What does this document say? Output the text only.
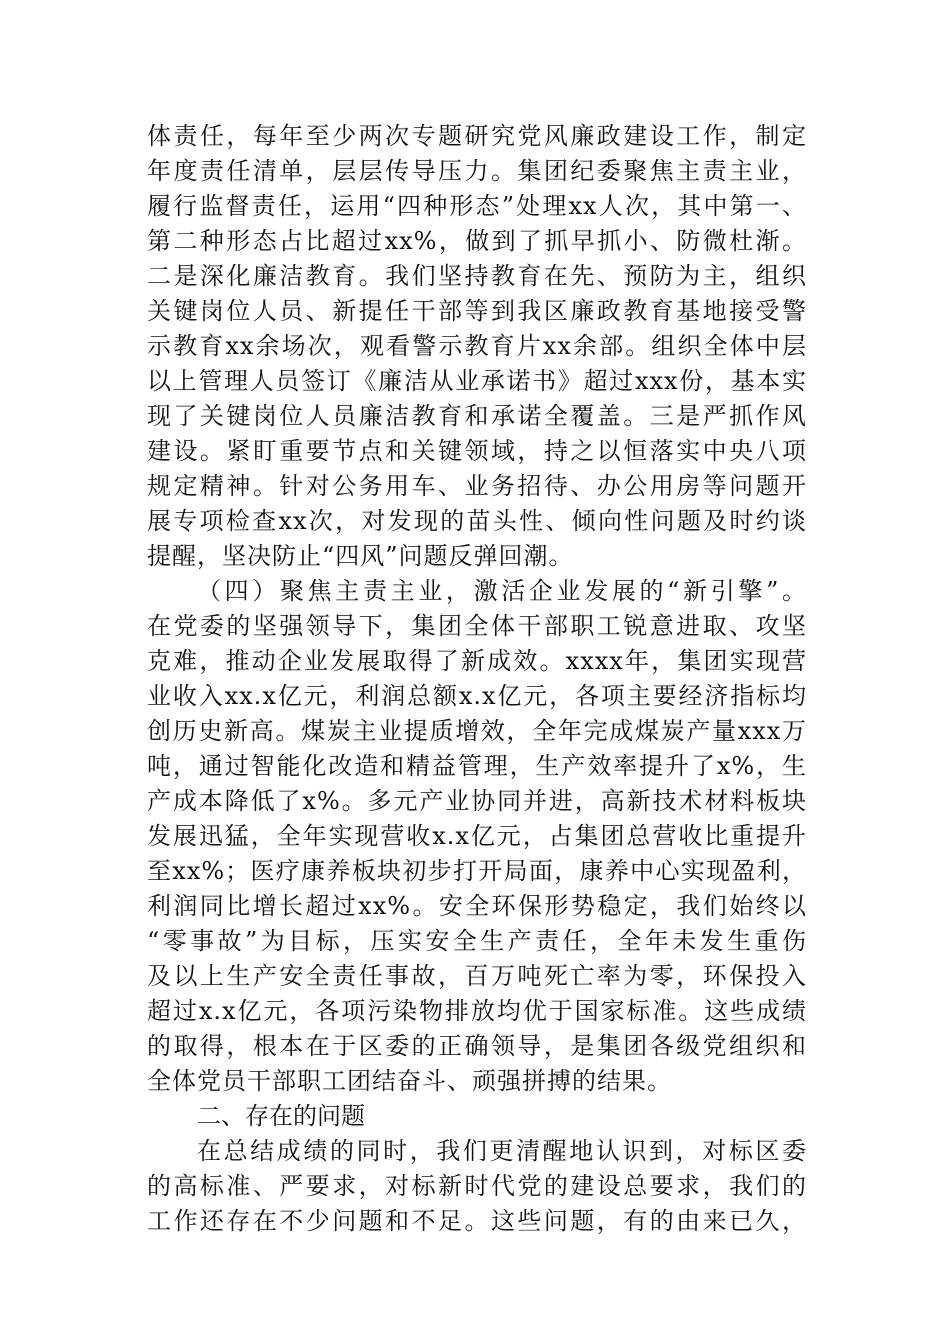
体责任，每年至少两次专题研究党风廉政建设工作，制定
年度责任清单，层层传导压力。集团纪委聚焦主责主业，
履行监督责任，运用“四种形态”处理xx人次，其中第一、
第二种形态占比超过xx%，做到了抓早抓小、防微杜渐。
二是深化廉洁教育。我们坚持教育在先、预防为主，组织
关键岗位人员、新提任干部等到我区廉政教育基地接受警
示教育xx余场次，观看警示教育片xx余部。组织全体中层
以上管理人员签订《廉洁从业承诺书》超过xxx份，基本实
现了关键岗位人员廉洁教育和承诺全覆盖。三是严抓作风
建设。紧盯重要节点和关键领域，持之以恒落实中央八项
规定精神。针对公务用车、业务招待、办公用房等问题开
展专项检查xx次，对发现的苗头性、倾向性问题及时约谈
提醒，坚决防止“四风”问题反弹回潮。
（四）聚焦主责主业，激活企业发展的“新引擎”。
在党委的坚强领导下，集团全体干部职工锐意进取、攻坚
克难，推动企业发展取得了新成效。xxxx年，集团实现营
业收入xx.x亿元，利润总额x.x亿元，各项主要经济指标均
创历史新高。煤炭主业提质增效，全年完成煤炭产量xxx万
吨，通过智能化改造和精益管理，生产效率提升了x%，生
产成本降低了x%。多元产业协同并进，高新技术材料板块
发展迅猛，全年实现营收x.x亿元，占集团总营收比重提升
至xx%；医疗康养板块初步打开局面，康养中心实现盈利，
利润同比增长超过xx%。安全环保形势稳定，我们始终以
“零事故”为目标，压实安全生产责任，全年未发生重伤
及以上生产安全责任事故，百万吨死亡率为零，环保投入
超过x.x亿元，各项污染物排放均优于国家标准。这些成绩
的取得，根本在于区委的正确领导，是集团各级党组织和
全体党员干部职工团结奋斗、顽强拼搏的结果。
二、存在的问题
在总结成绩的同时，我们更清醒地认识到，对标区委
的高标准、严要求，对标新时代党的建设总要求，我们的
工作还存在不少问题和不足。这些问题，有的由来已久，
